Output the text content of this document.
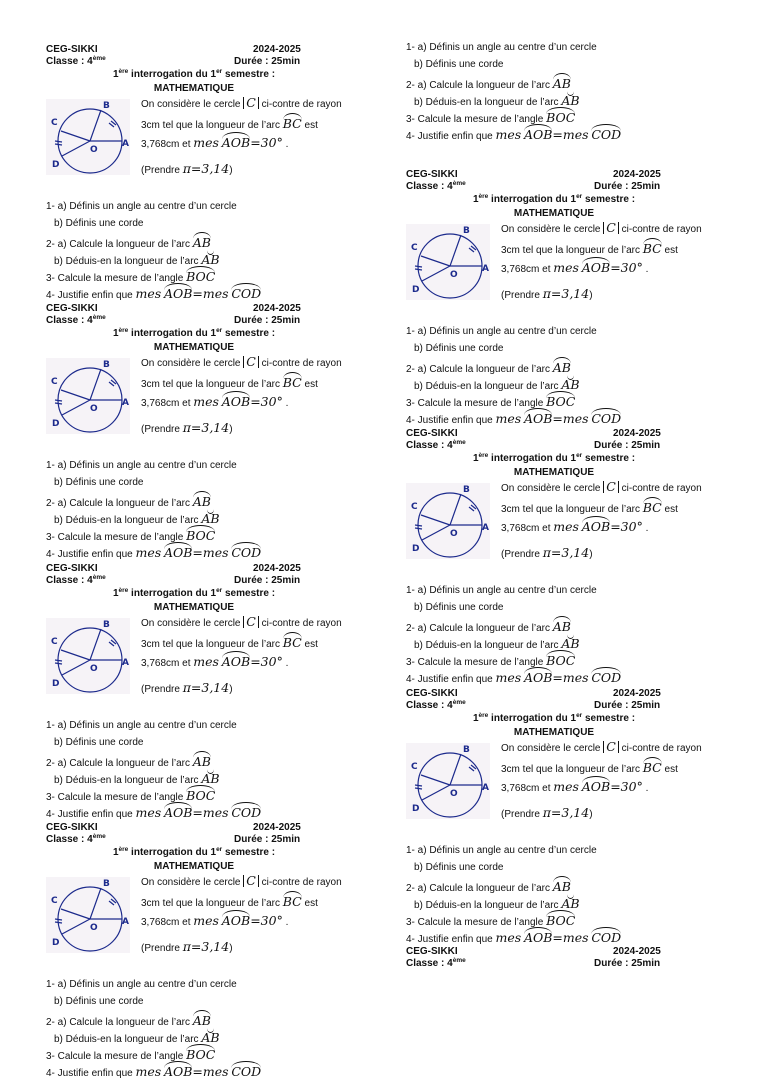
CEG-SIKKI
Classe : 4ème
2024-2025
Durée : 25min
1ère interrogation du 1er semestre :
MATHEMATIQUE
B
C
O
A
D
On considère le cercle C ci-contre de rayon
3cm tel que la longueur de l’arc BC est
3,768cm et mes AOB=30° .
(Prendre π=3,14)
1- a) Définis un angle au centre d’un cercle
b) Définis une corde
2- a) Calcule la longueur de l’arc AB
b) Déduis-en la longueur de l’arc AB
3- Calcule la mesure de l’angle BOC
4- Justifie enfin que mes AOB=mes COD
CEG-SIKKI
Classe : 4ème
2024-2025
Durée : 25min
1ère interrogation du 1er semestre :
MATHEMATIQUE
B
C
O
A
D
On considère le cercle C ci-contre de rayon
3cm tel que la longueur de l’arc BC est
3,768cm et mes AOB=30° .
(Prendre π=3,14)
1- a) Définis un angle au centre d’un cercle
b) Définis une corde
2- a) Calcule la longueur de l’arc AB
b) Déduis-en la longueur de l’arc AB
3- Calcule la mesure de l’angle BOC
4- Justifie enfin que mes AOB=mes COD
CEG-SIKKI
Classe : 4ème
2024-2025
Durée : 25min
1ère interrogation du 1er semestre :
MATHEMATIQUE
B
C
O
A
D
On considère le cercle C ci-contre de rayon
3cm tel que la longueur de l’arc BC est
3,768cm et mes AOB=30° .
(Prendre π=3,14)
1- a) Définis un angle au centre d’un cercle
b) Définis une corde
2- a) Calcule la longueur de l’arc AB
b) Déduis-en la longueur de l’arc AB
3- Calcule la mesure de l’angle BOC
4- Justifie enfin que mes AOB=mes COD
CEG-SIKKI
Classe : 4ème
2024-2025
Durée : 25min
1ère interrogation du 1er semestre :
MATHEMATIQUE
B
C
O
A
D
On considère le cercle C ci-contre de rayon
3cm tel que la longueur de l’arc BC est
3,768cm et mes AOB=30° .
(Prendre π=3,14)
1- a) Définis un angle au centre d’un cercle
b) Définis une corde
2- a) Calcule la longueur de l’arc AB
b) Déduis-en la longueur de l’arc AB
3- Calcule la mesure de l’angle BOC
4- Justifie enfin que mes AOB=mes COD
CEG-SIKKI
Classe : 4ème
2024-2025
Durée : 25min
1ère interrogation du 1er semestre :
MATHEMATIQUE
B
C
O
A
D
On considère le cercle C ci-contre de rayon
3cm tel que la longueur de l’arc BC est
3,768cm et mes AOB=30° .
(Prendre π=3,14)
1- a) Définis un angle au centre d’un cercle
b) Définis une corde
2- a) Calcule la longueur de l’arc AB
b) Déduis-en la longueur de l’arc AB
3- Calcule la mesure de l’angle BOC
4- Justifie enfin que mes AOB=mes COD
CEG-SIKKI
Classe : 4ème
2024-2025
Durée : 25min
1ère interrogation du 1er semestre :
MATHEMATIQUE
B
C
O
A
D
On considère le cercle C ci-contre de rayon
3cm tel que la longueur de l’arc BC est
3,768cm et mes AOB=30° .
(Prendre π=3,14)
1- a) Définis un angle au centre d’un cercle
b) Définis une corde
2- a) Calcule la longueur de l’arc AB
b) Déduis-en la longueur de l’arc AB
3- Calcule la mesure de l’angle BOC
4- Justifie enfin que mes AOB=mes COD
CEG-SIKKI
Classe : 4ème
2024-2025
Durée : 25min
1ère interrogation du 1er semestre :
MATHEMATIQUE
B
C
O
A
D
On considère le cercle C ci-contre de rayon
3cm tel que la longueur de l’arc BC est
3,768cm et mes AOB=30° .
(Prendre π=3,14)
1- a) Définis un angle au centre d’un cercle
b) Définis une corde
2- a) Calcule la longueur de l’arc AB
b) Déduis-en la longueur de l’arc AB
3- Calcule la mesure de l’angle BOC
4- Justifie enfin que mes AOB=mes COD
CEG-SIKKI
Classe : 4ème
2024-2025
Durée : 25min
1- a) Définis un angle au centre d’un cercle
b) Définis une corde
2- a) Calcule la longueur de l’arc AB
b) Déduis-en la longueur de l’arc AB
3- Calcule la mesure de l’angle BOC
4- Justifie enfin que mes AOB=mes COD
